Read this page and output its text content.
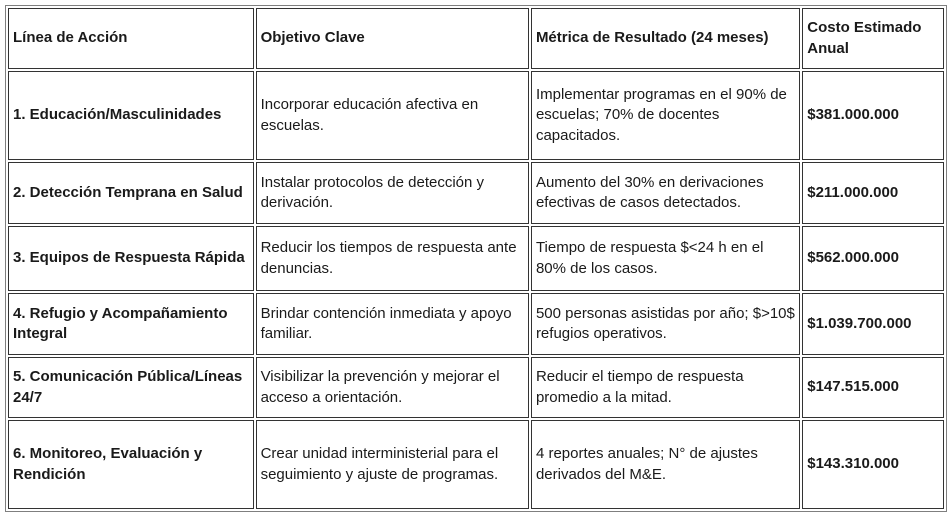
Línea de Acción	Objetivo Clave	Métrica de Resultado (24 meses)	Costo Estimado Anual
1. Educación/Masculinidades	Incorporar educación afectiva en escuelas.	Implementar programas en el 90% de escuelas; 70% de docentes capacitados.	$381.000.000
2. Detección Temprana en Salud	Instalar protocolos de detección y derivación.	Aumento del 30% en derivaciones efectivas de casos detectados.	$211.000.000
3. Equipos de Respuesta Rápida	Reducir los tiempos de respuesta ante denuncias.	Tiempo de respuesta $<24 h en el 80% de los casos.	$562.000.000
4. Refugio y Acompañamiento Integral	Brindar contención inmediata y apoyo familiar.	500 personas asistidas por año; $>10$ refugios operativos.	$1.039.700.000
5. Comunicación Pública/Líneas 24/7	Visibilizar la prevención y mejorar el acceso a orientación.	Reducir el tiempo de respuesta promedio a la mitad.	$147.515.000
6. Monitoreo, Evaluación y Rendición	Crear unidad interministerial para el seguimiento y ajuste de programas.	4 reportes anuales; N° de ajustes derivados del M&E.	$143.310.000
